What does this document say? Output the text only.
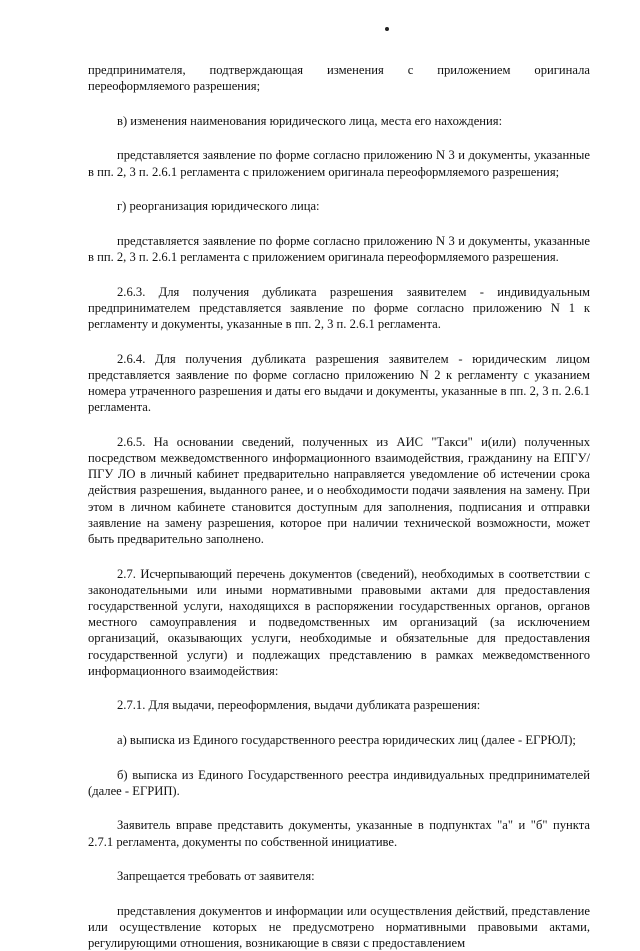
предпринимателя, подтверждающая изменения с приложением оригинала переоформляемого разрешения;

в) изменения наименования юридического лица, места его нахождения:

представляется заявление по форме согласно приложению N 3 и документы, указанные в пп. 2, 3 п. 2.6.1 регламента с приложением оригинала переоформляемого разрешения;

г) реорганизация юридического лица:

представляется заявление по форме согласно приложению N 3 и документы, указанные в пп. 2, 3 п. 2.6.1 регламента с приложением оригинала переоформляемого разрешения.

2.6.3. Для получения дубликата разрешения заявителем - индивидуальным предпринимателем представляется заявление по форме согласно приложению N 1 к регламенту и документы, указанные в пп. 2, 3 п. 2.6.1 регламента.

2.6.4. Для получения дубликата разрешения заявителем - юридическим лицом представляется заявление по форме согласно приложению N 2 к регламенту с указанием номера утраченного разрешения и даты его выдачи и документы, указанные в пп. 2, 3 п. 2.6.1 регламента.

2.6.5. На основании сведений, полученных из АИС "Такси" и(или) полученных посредством межведомственного информационного взаимодействия, гражданину на ЕПГУ/ПГУ ЛО в личный кабинет предварительно направляется уведомление об истечении срока действия разрешения, выданного ранее, и о необходимости подачи заявления на замену. При этом в личном кабинете становится доступным для заполнения, подписания и отправки заявление на замену разрешения, которое при наличии технической возможности, может быть предварительно заполнено.

2.7. Исчерпывающий перечень документов (сведений), необходимых в соответствии с законодательными или иными нормативными правовыми актами для предоставления государственной услуги, находящихся в распоряжении государственных органов, органов местного самоуправления и подведомственных им организаций (за исключением организаций, оказывающих услуги, необходимые и обязательные для предоставления государственной услуги) и подлежащих представлению в рамках межведомственного информационного взаимодействия:

2.7.1. Для выдачи, переоформления, выдачи дубликата разрешения:

а) выписка из Единого государственного реестра юридических лиц (далее - ЕГРЮЛ);

б) выписка из Единого Государственного реестра индивидуальных предпринимателей (далее - ЕГРИП).

Заявитель вправе представить документы, указанные в подпунктах "а" и "б" пункта 2.7.1 регламента, документы по собственной инициативе.

Запрещается требовать от заявителя:

представления документов и информации или осуществления действий, представление или осуществление которых не предусмотрено нормативными правовыми актами, регулирующими отношения, возникающие в связи с предоставлением
